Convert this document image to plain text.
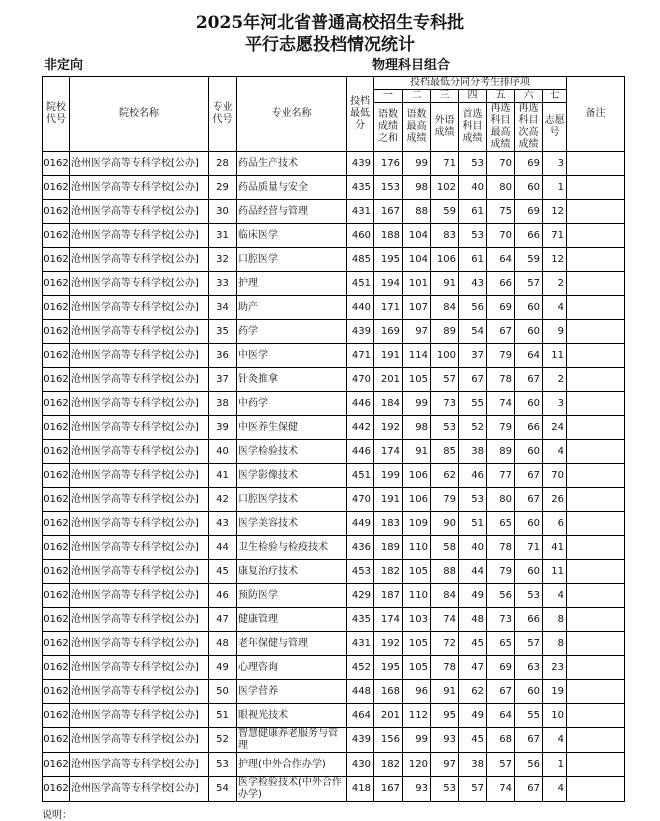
2025年河北省普通高校招生专科批
平行志愿投档情况统计
非定向	物理科目组合
院校代号	院校名称	专业代号	专业名称	投档最低分	投档最低分同分考生排序项							备注
					一	二	三	四	五	六	七	
					语数成绩之和	语数最高成绩	外语成绩	首选科目成绩	再选科目最高成绩	再选科目次高成绩	志愿号	
0162	沧州医学高等专科学校[公办]	28	药品生产技术	439	176	99	71	53	70	69	3	
0162	沧州医学高等专科学校[公办]	29	药品质量与安全	435	153	98	102	40	80	60	1	
0162	沧州医学高等专科学校[公办]	30	药品经营与管理	431	167	88	59	61	75	69	12	
0162	沧州医学高等专科学校[公办]	31	临床医学	460	188	104	83	53	70	66	71	
0162	沧州医学高等专科学校[公办]	32	口腔医学	485	195	104	106	61	64	59	12	
0162	沧州医学高等专科学校[公办]	33	护理	451	194	101	91	43	66	57	2	
0162	沧州医学高等专科学校[公办]	34	助产	440	171	107	84	56	69	60	4	
0162	沧州医学高等专科学校[公办]	35	药学	439	169	97	89	54	67	60	9	
0162	沧州医学高等专科学校[公办]	36	中医学	471	191	114	100	37	79	64	11	
0162	沧州医学高等专科学校[公办]	37	针灸推拿	470	201	105	57	67	78	67	2	
0162	沧州医学高等专科学校[公办]	38	中药学	446	184	99	73	55	74	60	3	
0162	沧州医学高等专科学校[公办]	39	中医养生保健	442	192	98	53	52	79	66	24	
0162	沧州医学高等专科学校[公办]	40	医学检验技术	446	174	91	85	38	89	60	4	
0162	沧州医学高等专科学校[公办]	41	医学影像技术	451	199	106	62	46	77	67	70	
0162	沧州医学高等专科学校[公办]	42	口腔医学技术	470	191	106	79	53	80	67	26	
0162	沧州医学高等专科学校[公办]	43	医学美容技术	449	183	109	90	51	65	60	6	
0162	沧州医学高等专科学校[公办]	44	卫生检验与检疫技术	436	189	110	58	40	78	71	41	
0162	沧州医学高等专科学校[公办]	45	康复治疗技术	453	182	105	88	44	79	60	11	
0162	沧州医学高等专科学校[公办]	46	预防医学	429	187	110	84	49	56	53	4	
0162	沧州医学高等专科学校[公办]	47	健康管理	435	174	103	74	48	73	66	8	
0162	沧州医学高等专科学校[公办]	48	老年保健与管理	431	192	105	72	45	65	57	8	
0162	沧州医学高等专科学校[公办]	49	心理咨询	452	195	105	78	47	69	63	23	
0162	沧州医学高等专科学校[公办]	50	医学营养	448	168	96	91	62	67	60	19	
0162	沧州医学高等专科学校[公办]	51	眼视光技术	464	201	112	95	49	64	55	10	
0162	沧州医学高等专科学校[公办]	52	智慧健康养老服务与管理	439	156	99	93	45	68	67	4	
0162	沧州医学高等专科学校[公办]	53	护理(中外合作办学)	430	182	120	97	38	57	56	1	
0162	沧州医学高等专科学校[公办]	54	医学检验技术(中外合作办学)	418	167	93	53	57	74	67	4	
说明：
